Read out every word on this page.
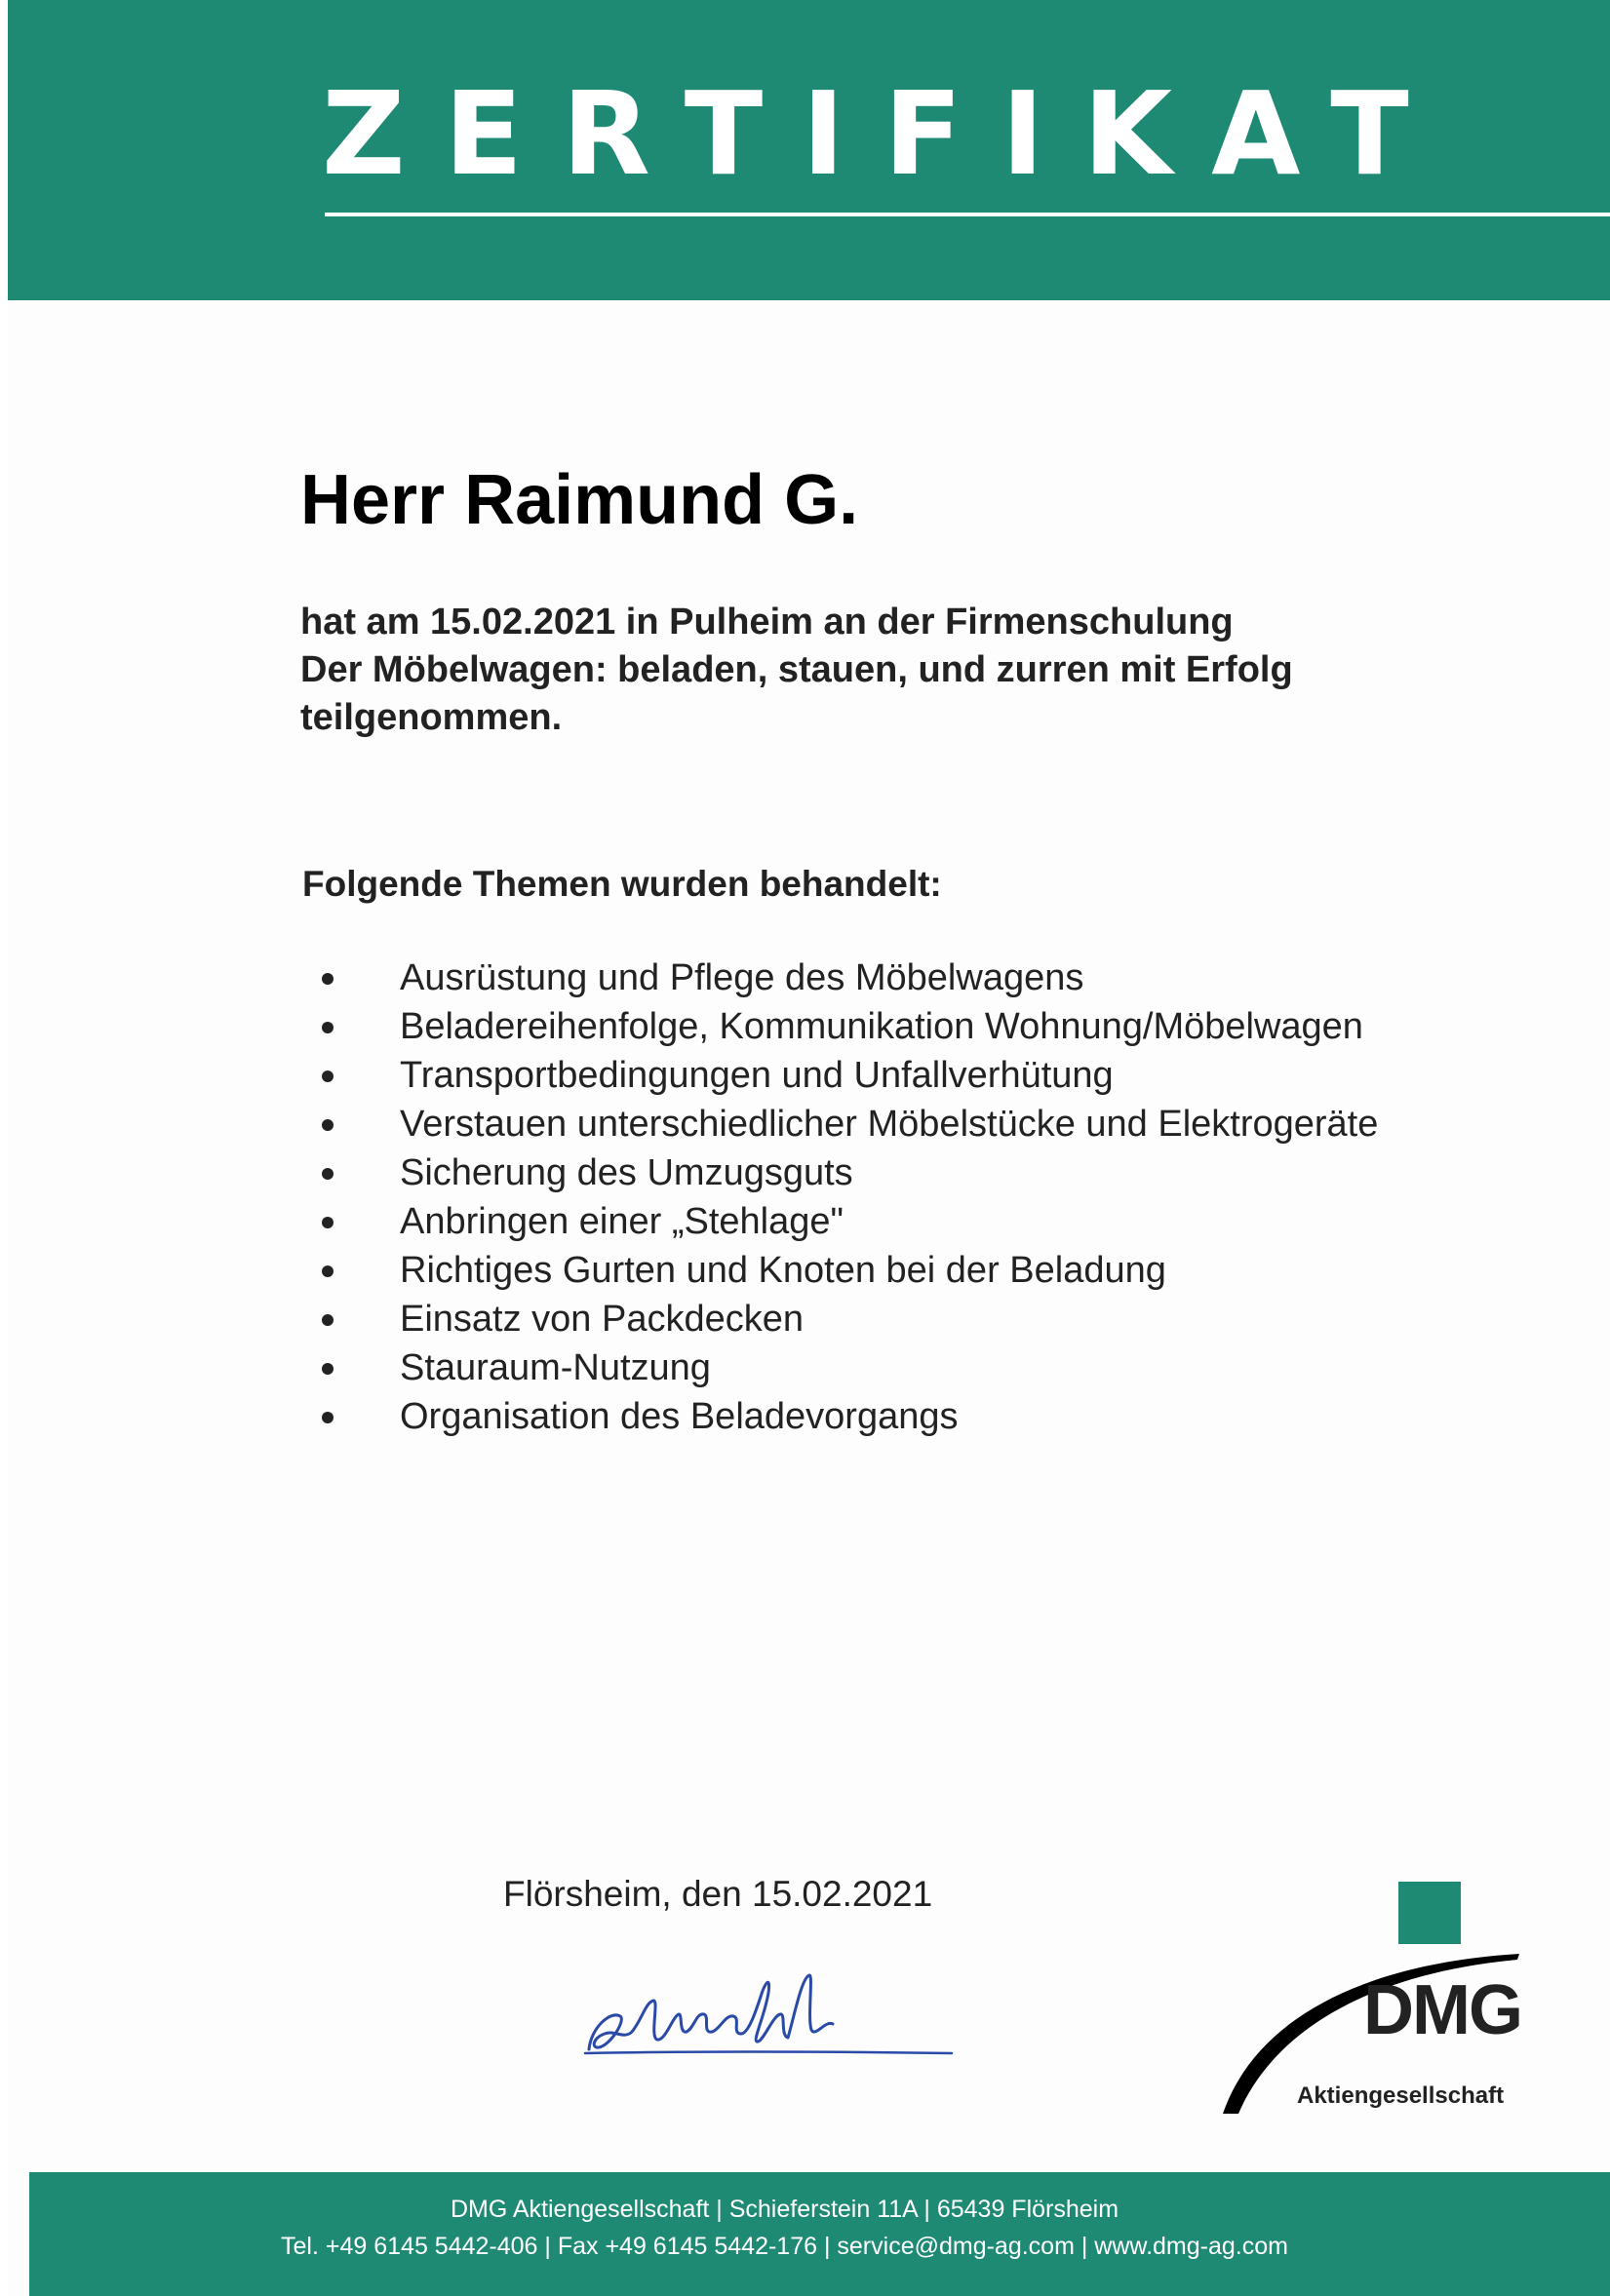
ZERTIFIKAT
Herr Raimund G.
hat am 15.02.2021 in Pulheim an der Firmenschulung
Der Möbelwagen: beladen, stauen, und zurren mit Erfolg
teilgenommen.
Folgende Themen wurden behandelt:
Ausrüstung und Pflege des Möbelwagens
Beladereihenfolge, Kommunikation Wohnung/Möbelwagen
Transportbedingungen und Unfallverhütung
Verstauen unterschiedlicher Möbelstücke und Elektrogeräte
Sicherung des Umzugsguts
Anbringen einer „Stehlage"
Richtiges Gurten und Knoten bei der Beladung
Einsatz von Packdecken
Stauraum-Nutzung
Organisation des Beladevorgangs
Flörsheim, den 15.02.2021
DMG
Aktiengesellschaft
DMG Aktiengesellschaft | Schieferstein 11A | 65439 Flörsheim
Tel. +49 6145 5442-406 | Fax +49 6145 5442-176 | service@dmg-ag.com | www.dmg-ag.com
